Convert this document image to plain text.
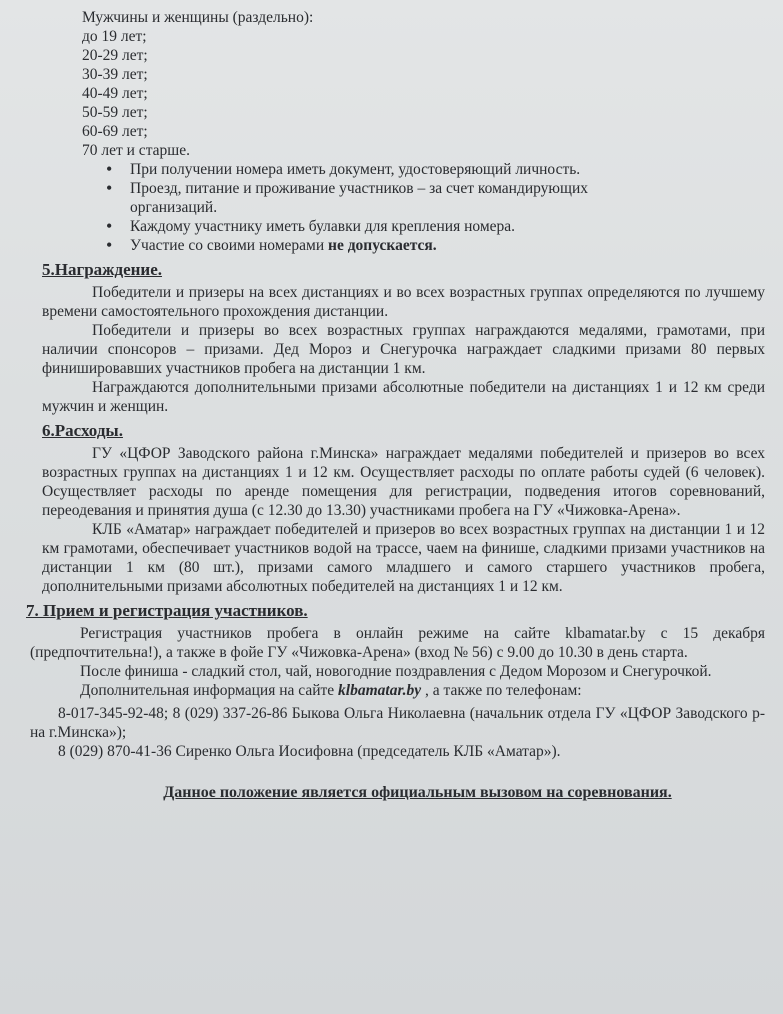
Мужчины и женщины (раздельно):
до 19 лет;
20-29 лет;
30-39 лет;
40-49 лет;
50-59 лет;
60-69 лет;
70 лет и старше.
• При получении номера иметь документ, удостоверяющий личность.
• Проезд, питание и проживание участников – за счет командирующих
организаций.
• Каждому участнику иметь булавки для крепления номера.
• Участие со своими номерами не допускается.
5.Награждение.

Победители и призеры на всех дистанциях и во всех возрастных группах определяются по лучшему времени самостоятельного прохождения дистанции.

Победители и призеры во всех возрастных группах награждаются медалями, грамотами, при наличии спонсоров – призами. Дед Мороз и Снегурочка награждает сладкими призами 80 первых финишировавших участников пробега на дистанции 1 км.

Награждаются дополнительными призами абсолютные победители на дистанциях 1 и 12 км среди мужчин и женщин.

6.Расходы.

ГУ «ЦФОР Заводского района г.Минска» награждает медалями победителей и призеров во всех возрастных группах на дистанциях 1 и 12 км. Осуществляет расходы по оплате работы судей (6 человек). Осуществляет расходы по аренде помещения для регистрации, подведения итогов соревнований, переодевания и принятия душа (с 12.30 до 13.30) участниками пробега на ГУ «Чижовка-Арена».

КЛБ «Аматар» награждает победителей и призеров во всех возрастных группах на дистанции 1 и 12 км грамотами, обеспечивает участников водой на трассе, чаем на финише, сладкими призами участников на дистанции 1 км (80 шт.), призами самого младшего и самого старшего участников пробега, дополнительными призами абсолютных победителей на дистанциях 1 и 12 км.

7. Прием и регистрация участников.

Регистрация участников пробега в онлайн режиме на сайте klbamatar.by с 15 декабря (предпочтительна!), а также в фойе ГУ «Чижовка-Арена» (вход № 56) с 9.00 до 10.30 в день старта.

После финиша - сладкий стол, чай, новогодние поздравления с Дедом Морозом и Снегурочкой.

Дополнительная информация на сайте klbamatar.by , а также по телефонам:

8-017-345-92-48; 8 (029) 337-26-86 Быкова Ольга Николаевна (начальник отдела ГУ «ЦФОР Заводского р-на г.Минска»);

8 (029) 870-41-36 Сиренко Ольга Иосифовна (председатель КЛБ «Аматар»).

Данное положение является официальным вызовом на соревнования.
